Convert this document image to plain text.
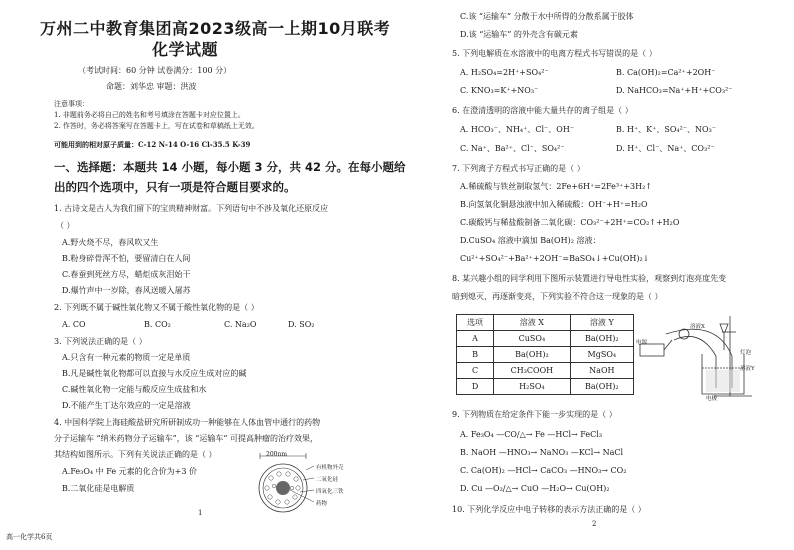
万州二中教育集团高2023级高一上期10月联考
化学试题
（考试时间：60 分钟 试卷满分：100 分）
命题：刘华忠 审题：洪波
注意事项：
1. 非题前务必将自己的姓名和考号填涂在答题卡对应位置上。
2. 作答时，务必将答案写在答题卡上，写在试卷和草稿纸上无效。
可能用到的相对原子质量：C-12 N-14 O-16 Cl-35.5 K-39
一、选择题：本题共 14 小题，每小题 3 分，共 42 分。在每小题给
出的四个选项中，只有一项是符合题目要求的。
1. 古诗文是古人为我们留下的宝贵精神财富。下列语句中不涉及氧化还原反应
（ ）
A.野火烧不尽，春风吹又生
B.粉身碎骨浑不怕，要留清白在人间
C.春蚕到死丝方尽，蜡炬成灰泪始干
D.爆竹声中一岁除，春风送暖入屠苏
2. 下列既不属于碱性氧化物又不属于酸性氧化物的是（ ）
A. CO	B. CO₂	C. Na₂O	D. SO₂
3. 下列说法正确的是（ ）
A.只含有一种元素的物质一定是单质
B.凡是碱性氧化物都可以直接与水反应生成对应的碱
C.碱性氧化物一定能与酸反应生成盐和水
D.不能产生丁达尔效应的一定是溶液
4. 中国科学院上海硅酸盐研究所研制成功一种能够在人体血管中通行的药物
分子运输车 “纳米药物分子运输车”，该 “运输车” 可提高肿瘤的治疗效果，
其结构如图所示。下列有关说法正确的是（ ）
A.Fe₃O₄ 中 Fe 元素的化合价为+3 价
B.二氧化硅是电解质
200nm
有机物外壳
二氧化硅
四氧化三铁
药物
1
高一化学共6页
C.该 “运输车” 分散于水中所得的分散系属于胶体
D.该 “运输车” 的外壳含有碳元素
5. 下列电解质在水溶液中的电离方程式书写错误的是（ ）
A. H₂SO₄=2H⁺+SO₄²⁻	B. Ca(OH)₂=Ca²⁺+2OH⁻
C. KNO₃=K⁺+NO₃⁻	D. NaHCO₃=Na⁺+H⁺+CO₃²⁻
6. 在澄清透明的溶液中能大量共存的离子组是（ ）
A. HCO₃⁻、NH₄⁺、Cl⁻、OH⁻	B. H⁺、K⁺、SO₄²⁻、NO₃⁻
C. Na⁺、Ba²⁺、Cl⁻、SO₄²⁻	D. H⁺、Cl⁻、Na⁺、CO₃²⁻
7. 下列离子方程式书写正确的是（ ）
A.稀硫酸与铁丝制取氢气：2Fe+6H⁺=2Fe³⁺+3H₂↑
B.向氢氧化铜悬浊液中加入稀硫酸：OH⁻+H⁺=H₂O
C.碳酸钙与稀盐酸制备二氧化碳：CO₃²⁻+2H⁺=CO₂↑+H₂O
D.CuSO₄ 溶液中滴加 Ba(OH)₂ 溶液：
Cu²⁺+SO₄²⁻+Ba²⁺+2OH⁻=BaSO₄↓+Cu(OH)₂↓
8. 某兴趣小组的同学利用下图所示装置进行导电性实验，观察到灯泡亮度先变
暗到熄灭，再逐渐变亮，下列实验不符合这一现象的是（ ）
选项	溶液 X	溶液 Y
A	CuSO₄	Ba(OH)₂
B	Ba(OH)₂	MgSO₄
C	CH₃COOH	NaOH
D	H₂SO₄	Ba(OH)₂
溶液X
电源
灯泡
溶液Y
电极
9. 下列物质在给定条件下能一步实现的是（ ）
A. Fe₃O₄ —CO/△→ Fe —HCl→ FeCl₃
B. NaOH —HNO₃→ NaNO₃ —KCl→ NaCl
C. Ca(OH)₂ —HCl→ CaCO₃ —HNO₃→ CO₂
D. Cu —O₂/△→ CuO —H₂O→ Cu(OH)₂
10. 下列化学反应中电子转移的表示方法正确的是（ ）
2
